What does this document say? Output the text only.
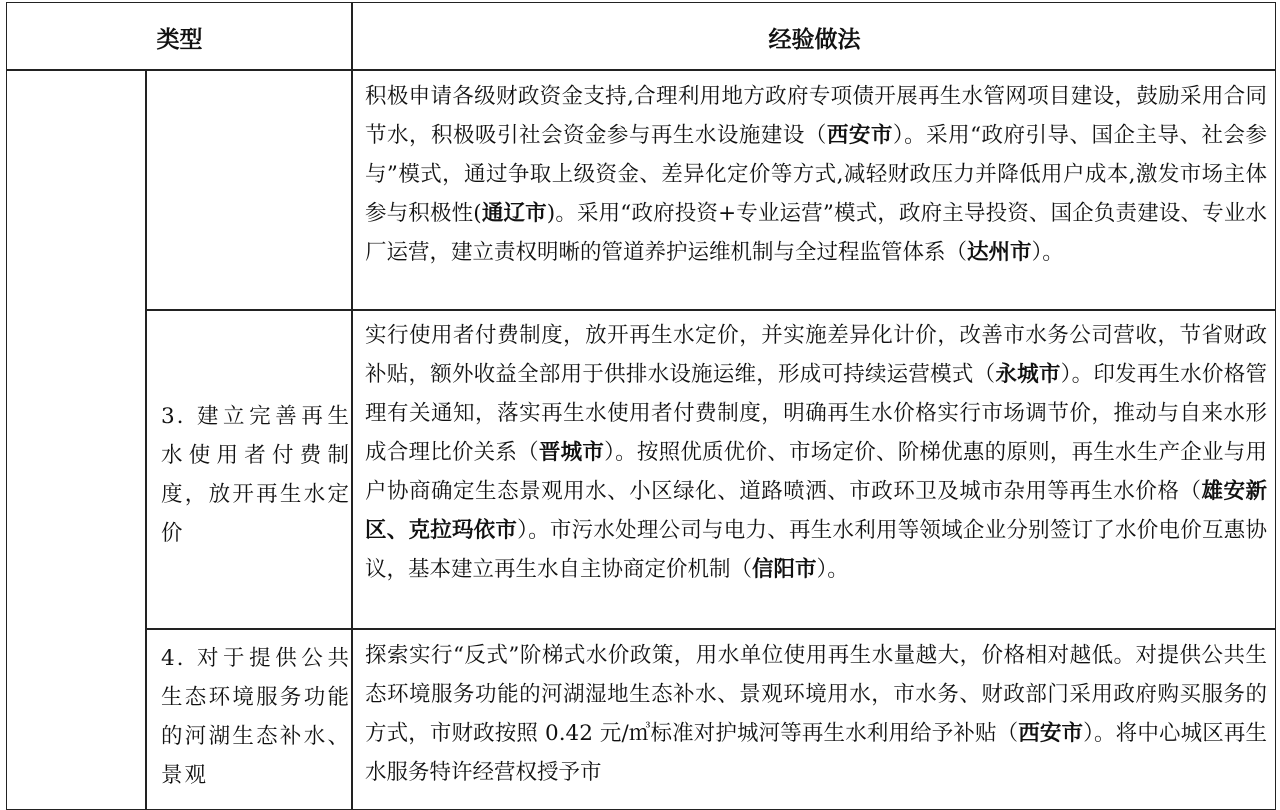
类型	经验做法
3. 建立完善再生水使用者付费制度，放开再生水定价
4. 对于提供公共生态环境服务功能的河湖生态补水、景观
积极申请各级财政资金支持,合理利用地方政府专项债开展再生水管网项目建设，鼓励采用合同节水，积极吸引社会资金参与再生水设施建设（西安市）。采用“政府引导、国企主导、社会参与”模式，通过争取上级资金、差异化定价等方式,减轻财政压力并降低用户成本,激发市场主体参与积极性(通辽市)。采用“政府投资+专业运营”模式，政府主导投资、国企负责建设、专业水厂运营，建立责权明晰的管道养护运维机制与全过程监管体系（达州市）。
实行使用者付费制度，放开再生水定价，并实施差异化计价，改善市水务公司营收，节省财政补贴，额外收益全部用于供排水设施运维，形成可持续运营模式（永城市）。印发再生水价格管理有关通知，落实再生水使用者付费制度，明确再生水价格实行市场调节价，推动与自来水形成合理比价关系（晋城市）。按照优质优价、市场定价、阶梯优惠的原则，再生水生产企业与用户协商确定生态景观用水、小区绿化、道路喷洒、市政环卫及城市杂用等再生水价格（雄安新区、克拉玛依市）。市污水处理公司与电力、再生水利用等领域企业分别签订了水价电价互惠协议，基本建立再生水自主协商定价机制（信阳市）。
探索实行“反式”阶梯式水价政策，用水单位使用再生水量越大，价格相对越低。对提供公共生态环境服务功能的河湖湿地生态补水、景观环境用水，市水务、财政部门采用政府购买服务的方式，市财政按照 0.42 元/㎥标准对护城河等再生水利用给予补贴（西安市）。将中心城区再生水服务特许经营权授予市
